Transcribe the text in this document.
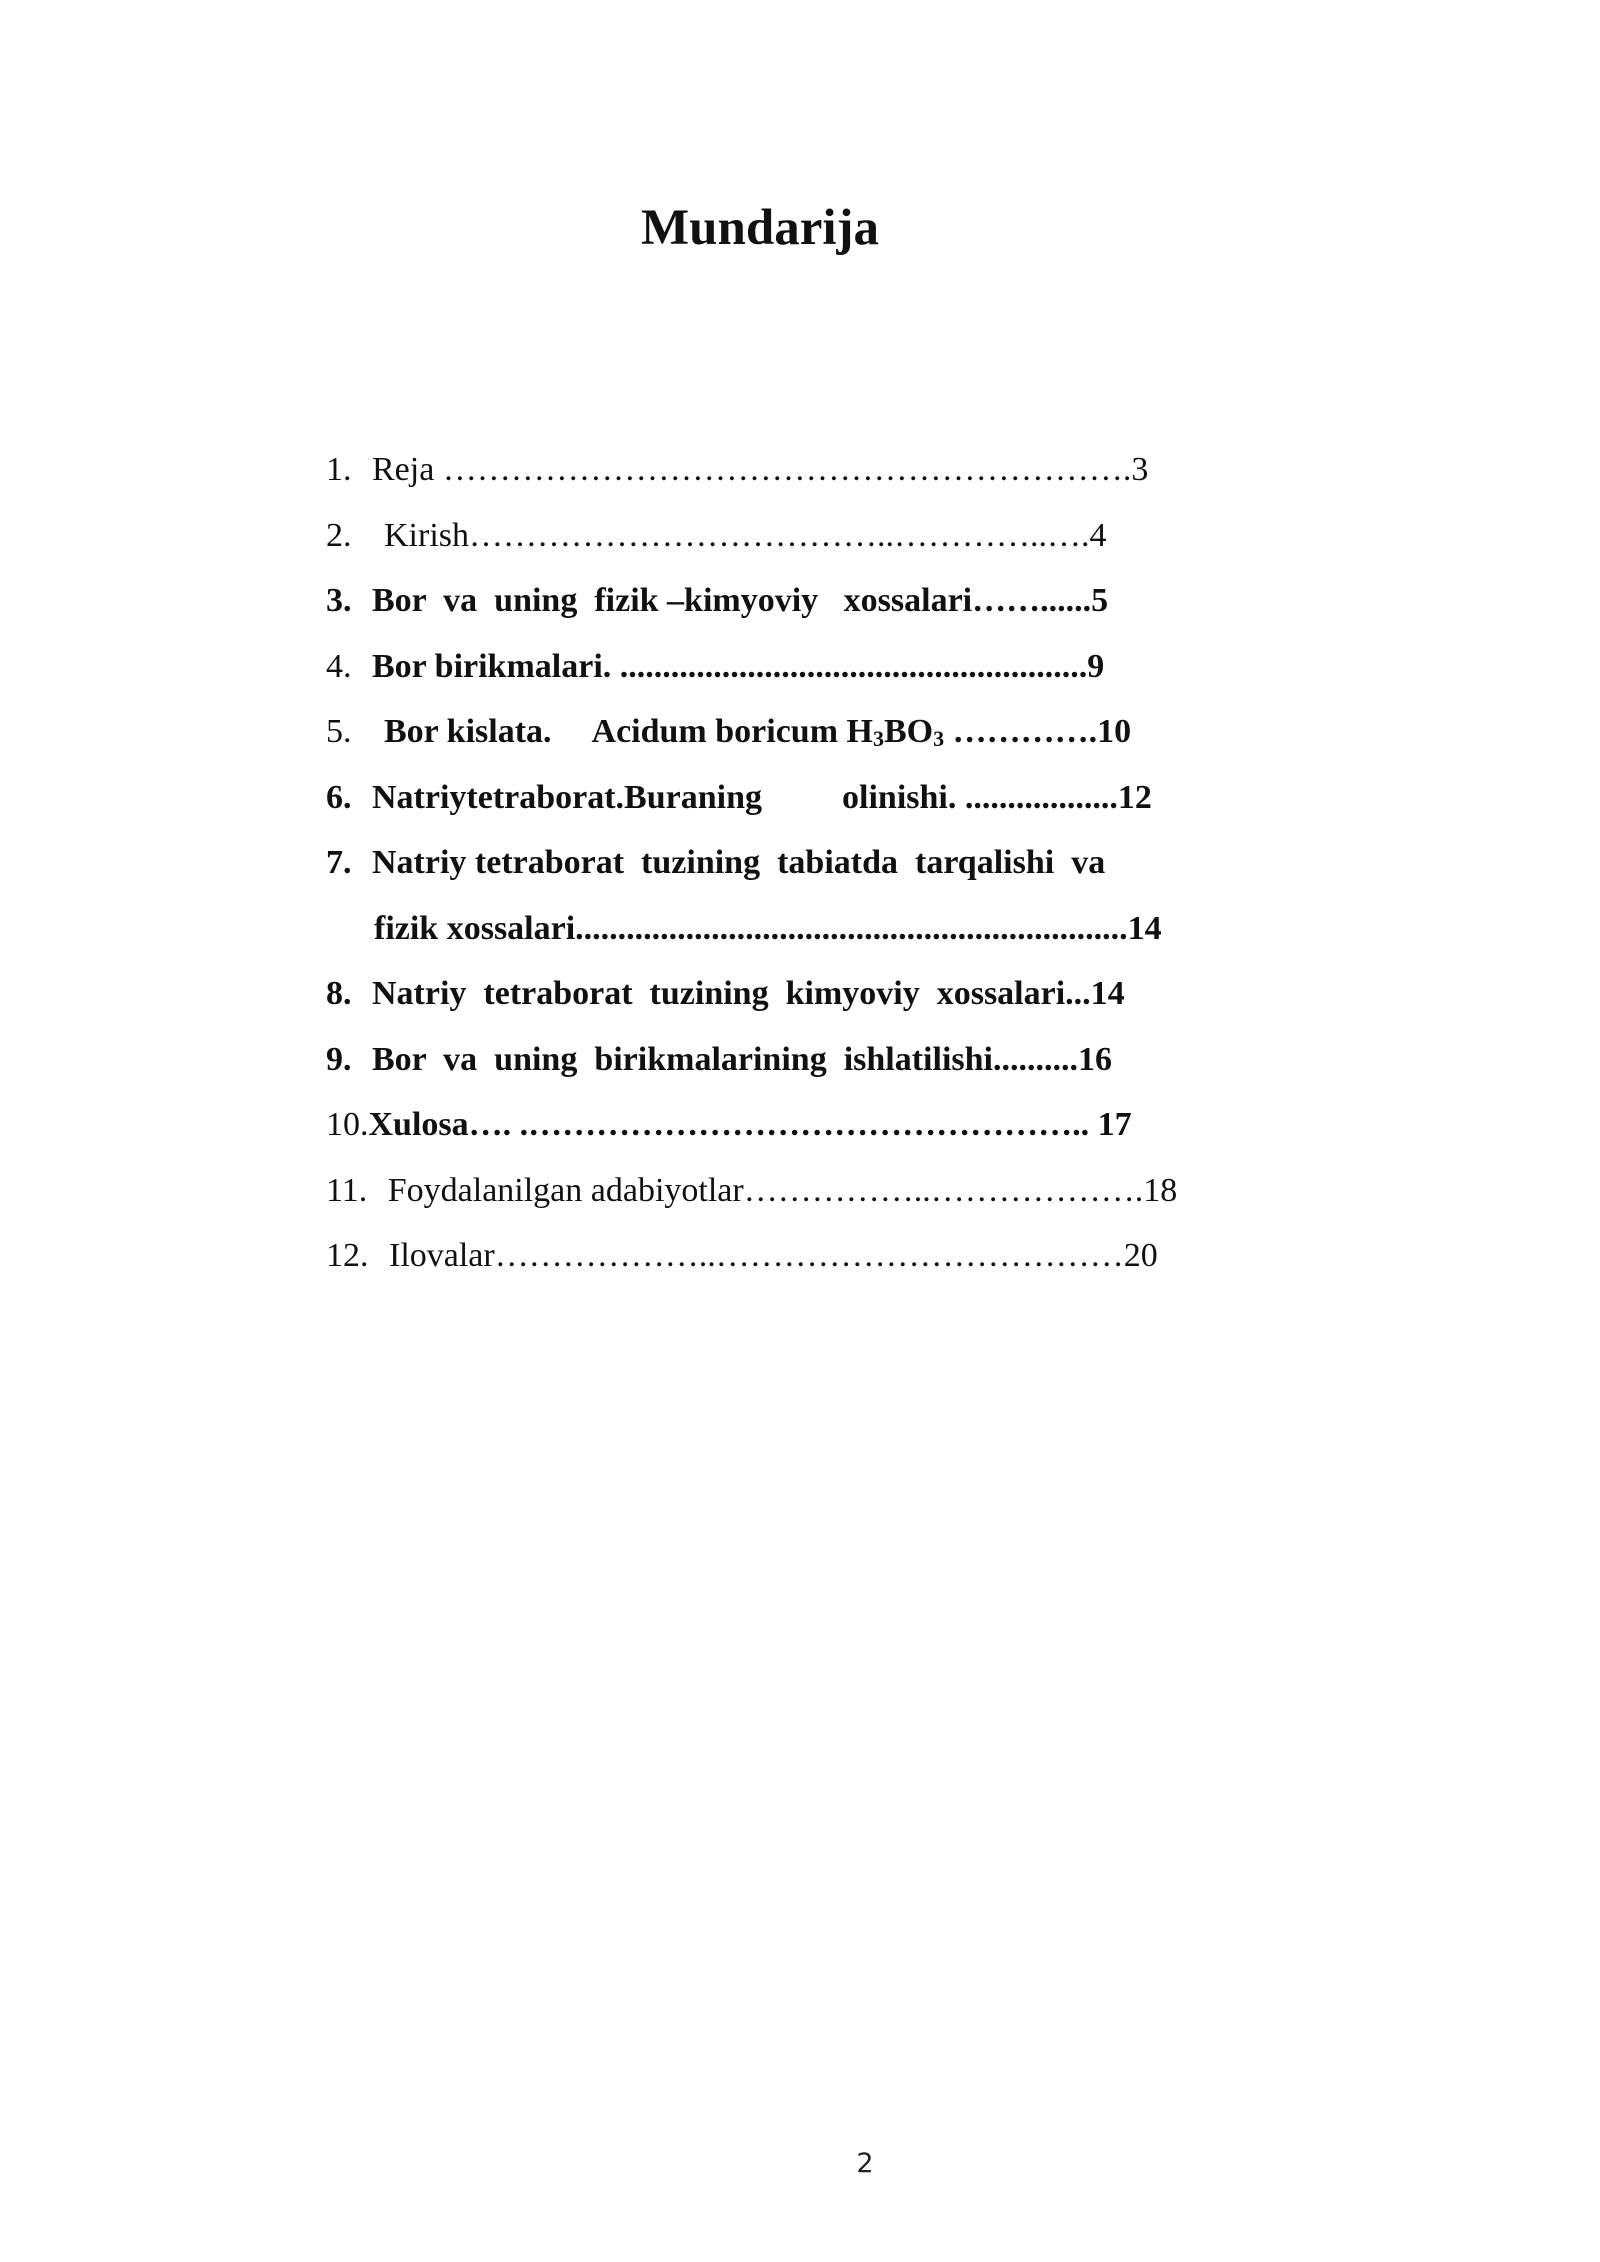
Mundarija
1. Reja …………………………………………………….3
2. Kirish………………………………..…………..….4
3. Bor  va  uning  fizik –kimyoviy   xossalari……......5
4. Bor birikmalari. .......................................................9
5. Bor kislata. Acidum boricum $H_3BO_3$ ………….10
6. Natriytetraborat.Buraning olinishi. ..................12
7. Natriy tetraborat  tuzining  tabiatda  tarqalishi  va
fizik xossalari.................................................................14
8. Natriy  tetraborat  tuzining  kimyoviy  xossalari...14
9. Bor  va  uning  birikmalarining  ishlatilishi..........16
10.Xulosa…. .………………………………………….. 17
11. Foydalanilgan adabiyotlar……………..……………….18
12. Ilovalar………………..………………………………20
2
